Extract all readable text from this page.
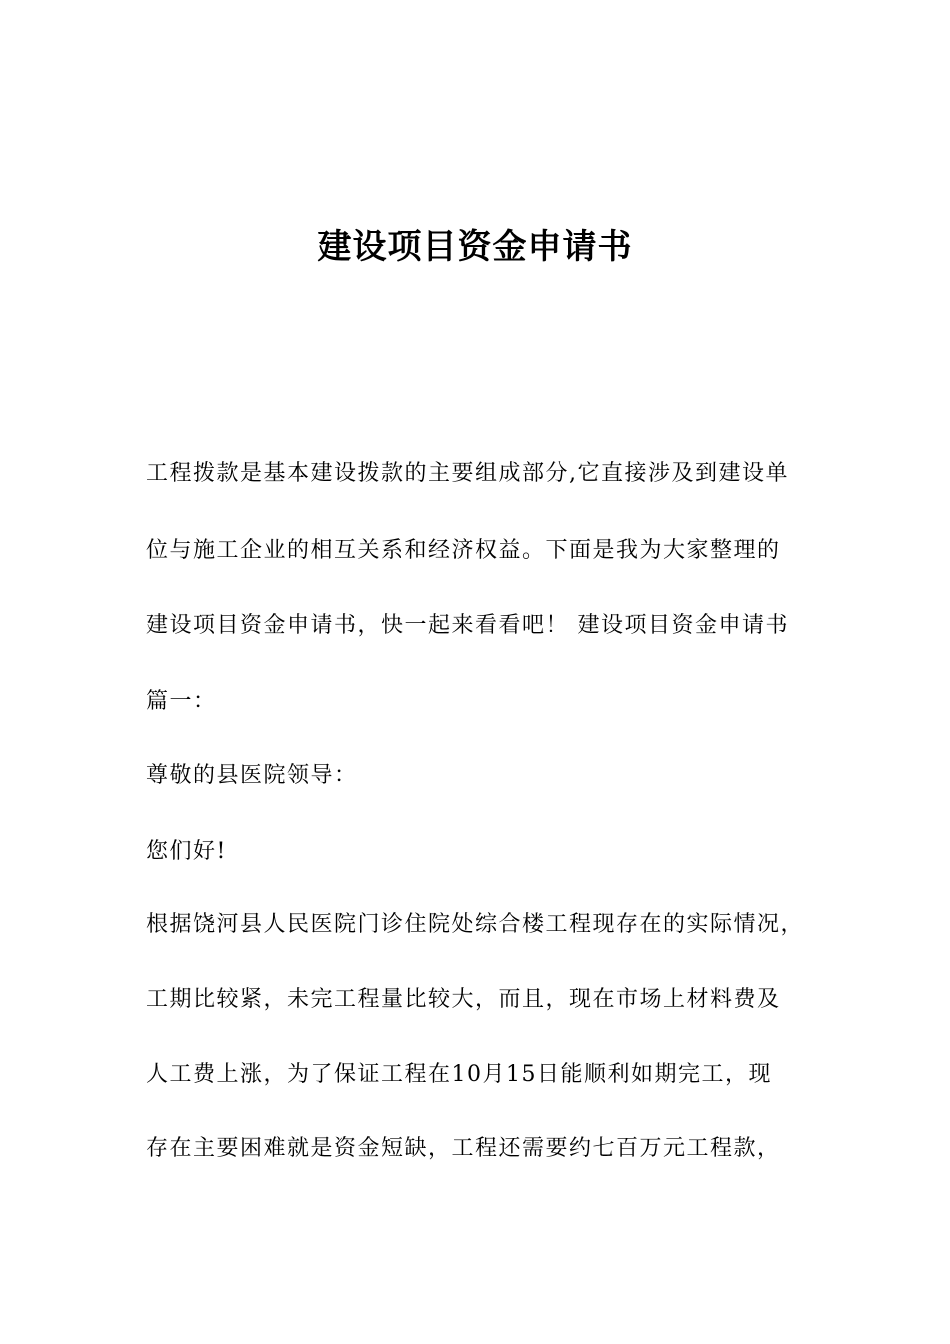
建设项目资金申请书

工程拨款是基本建设拨款的主要组成部分,它直接涉及到建设单

位与施工企业的相互关系和经济权益。下面是我为大家整理的

建设项目资金申请书，快一起来看看吧！ 建设项目资金申请书

篇一：

尊敬的县医院领导：

您们好!

根据饶河县人民医院门诊住院处综合楼工程现存在的实际情况，

工期比较紧，未完工程量比较大，而且，现在市场上材料费及

人工费上涨，为了保证工程在10月15日能顺利如期完工，现

存在主要困难就是资金短缺，工程还需要约七百万元工程款，
